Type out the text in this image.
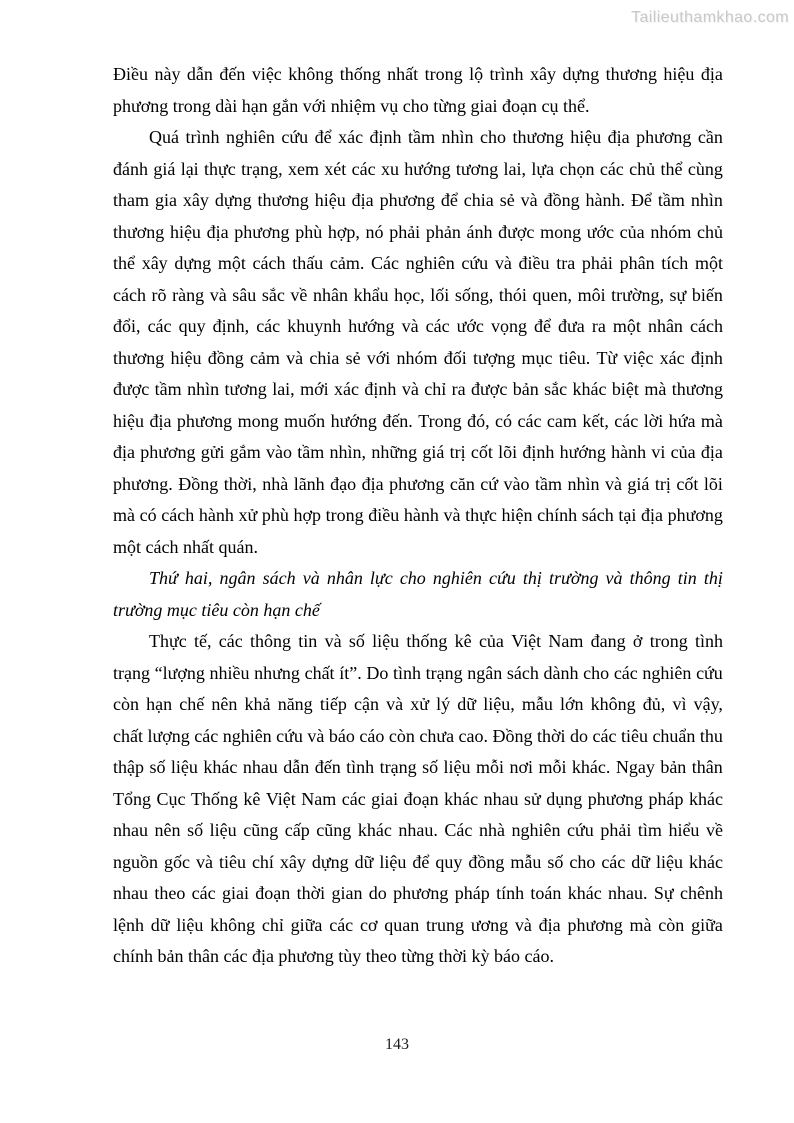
Tailieuthamkhao.com
Điều này dẫn đến việc không thống nhất trong lộ trình xây dựng thương hiệu địa
phương trong dài hạn gắn với nhiệm vụ cho từng giai đoạn cụ thể.
Quá trình nghiên cứu để xác định tầm nhìn cho thương hiệu địa phương cần
đánh giá lại thực trạng, xem xét các xu hướng tương lai, lựa chọn các chủ thể cùng
tham gia xây dựng thương hiệu địa phương để chia sẻ và đồng hành. Để tầm nhìn
thương hiệu địa phương phù hợp, nó phải phản ánh được mong ước của nhóm chủ
thể xây dựng một cách thấu cảm. Các nghiên cứu và điều tra phải phân tích một
cách rõ ràng và sâu sắc về nhân khẩu học, lối sống, thói quen, môi trường, sự biến
đổi, các quy định, các khuynh hướng và các ước vọng để đưa ra một nhân cách
thương hiệu đồng cảm và chia sẻ với nhóm đối tượng mục tiêu. Từ việc xác định
được tầm nhìn tương lai, mới xác định và chỉ ra được bản sắc khác biệt mà thương
hiệu địa phương mong muốn hướng đến. Trong đó, có các cam kết, các lời hứa mà
địa phương gửi gắm vào tầm nhìn, những giá trị cốt lõi định hướng hành vi của địa
phương. Đồng thời, nhà lãnh đạo địa phương căn cứ vào tầm nhìn và giá trị cốt lõi
mà có cách hành xử phù hợp trong điều hành và thực hiện chính sách tại địa phương
một cách nhất quán.
Thứ hai, ngân sách và nhân lực cho nghiên cứu thị trường và thông tin thị
trường mục tiêu còn hạn chế
Thực tế, các thông tin và số liệu thống kê của Việt Nam đang ở trong tình
trạng “lượng nhiều nhưng chất ít”. Do tình trạng ngân sách dành cho các nghiên cứu
còn hạn chế nên khả năng tiếp cận và xử lý dữ liệu, mẫu lớn không đủ, vì vậy,
chất lượng các nghiên cứu và báo cáo còn chưa cao. Đồng thời do các tiêu chuẩn thu
thập số liệu khác nhau dẫn đến tình trạng số liệu mỗi nơi mỗi khác. Ngay bản thân
Tổng Cục Thống kê Việt Nam các giai đoạn khác nhau sử dụng phương pháp khác
nhau nên số liệu cũng cấp cũng khác nhau. Các nhà nghiên cứu phải tìm hiểu về
nguồn gốc và tiêu chí xây dựng dữ liệu để quy đồng mẫu số cho các dữ liệu khác
nhau theo các giai đoạn thời gian do phương pháp tính toán khác nhau. Sự chênh
lệnh dữ liệu không chỉ giữa các cơ quan trung ương và địa phương mà còn giữa
chính bản thân các địa phương tùy theo từng thời kỳ báo cáo.
143
